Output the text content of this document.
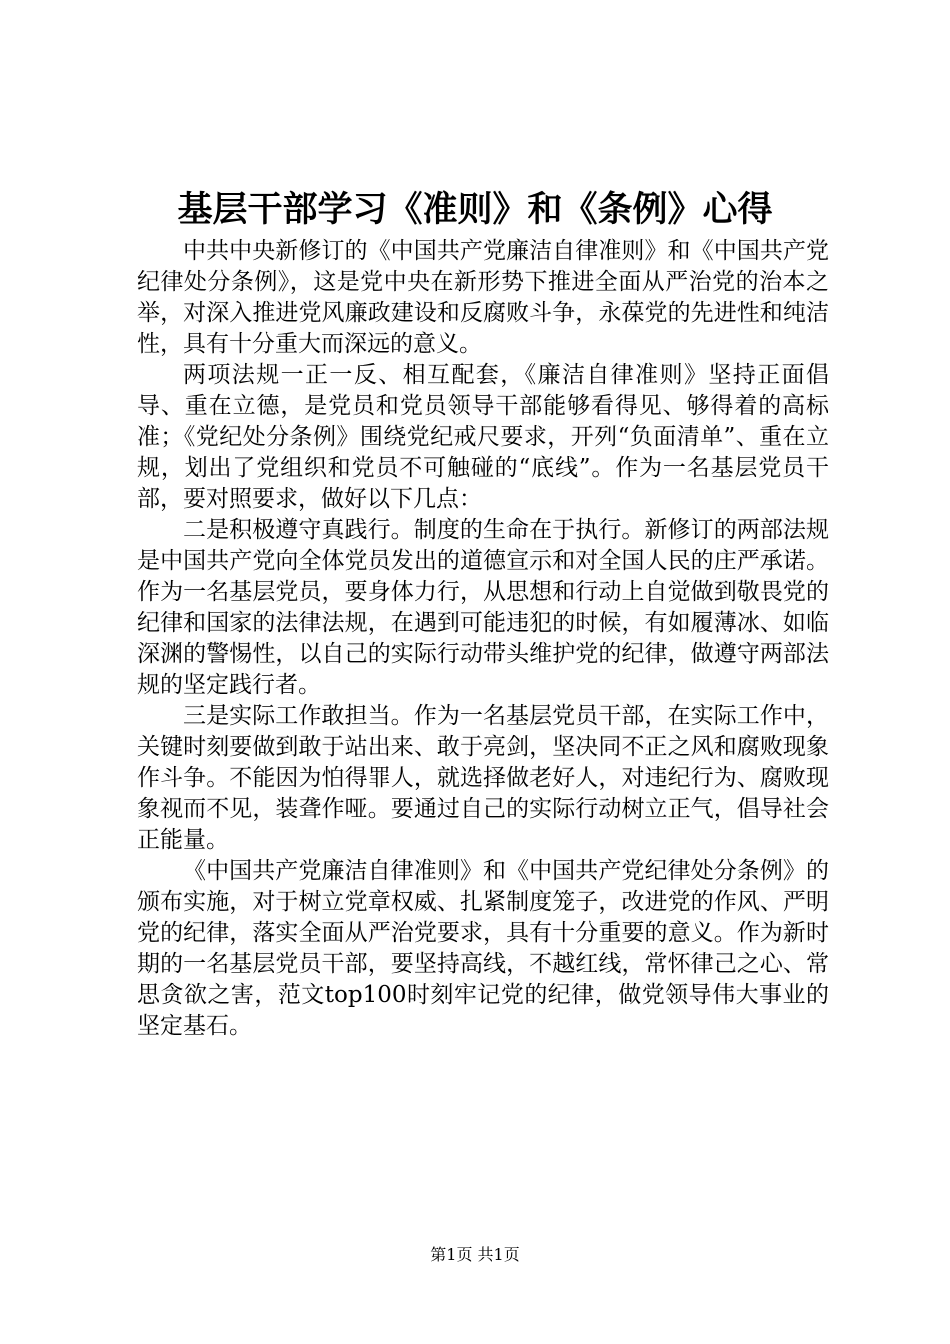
基层干部学习《准则》和《条例》心得

中共中央新修订的《中国共产党廉洁自律准则》和《中国共产党纪律处分条例》，这是党中央在新形势下推进全面从严治党的治本之举，对深入推进党风廉政建设和反腐败斗争，永葆党的先进性和纯洁性，具有十分重大而深远的意义。

两项法规一正一反、相互配套，《廉洁自律准则》坚持正面倡导、重在立德，是党员和党员领导干部能够看得见、够得着的高标准；《党纪处分条例》围绕党纪戒尺要求，开列“负面清单”、重在立规，划出了党组织和党员不可触碰的“底线”。作为一名基层党员干部，要对照要求，做好以下几点：

二是积极遵守真践行。制度的生命在于执行。新修订的两部法规是中国共产党向全体党员发出的道德宣示和对全国人民的庄严承诺。作为一名基层党员，要身体力行，从思想和行动上自觉做到敬畏党的纪律和国家的法律法规，在遇到可能违犯的时候，有如履薄冰、如临深渊的警惕性，以自己的实际行动带头维护党的纪律，做遵守两部法规的坚定践行者。

三是实际工作敢担当。作为一名基层党员干部，在实际工作中，关键时刻要做到敢于站出来、敢于亮剑，坚决同不正之风和腐败现象作斗争。不能因为怕得罪人，就选择做老好人，对违纪行为、腐败现象视而不见，装聋作哑。要通过自己的实际行动树立正气，倡导社会正能量。

《中国共产党廉洁自律准则》和《中国共产党纪律处分条例》的颁布实施，对于树立党章权威、扎紧制度笼子，改进党的作风、严明党的纪律，落实全面从严治党要求，具有十分重要的意义。作为新时期的一名基层党员干部，要坚持高线，不越红线，常怀律己之心、常思贪欲之害，范文top100时刻牢记党的纪律，做党领导伟大事业的坚定基石。

第1页 共1页
